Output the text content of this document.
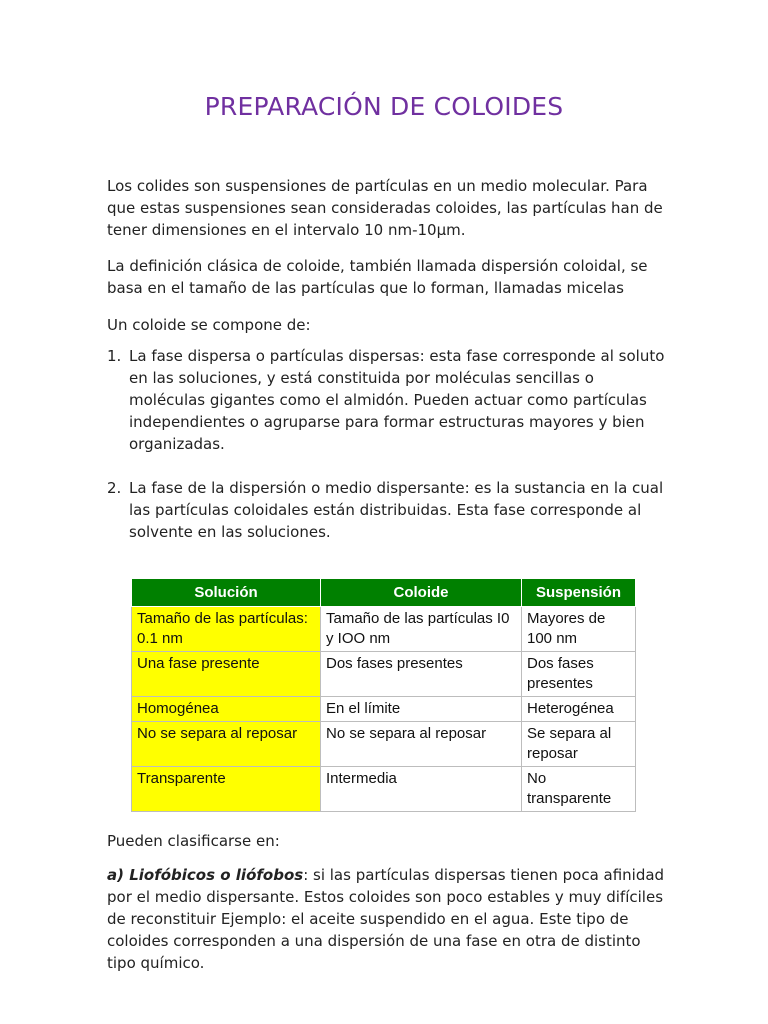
PREPARACIÓN DE COLOIDES

Los colides son suspensiones de partículas en un medio molecular. Para que estas suspensiones sean consideradas coloides, las partículas han de tener dimensiones en el intervalo 10 nm-10μm.

La definición clásica de coloide, también llamada dispersión coloidal, se basa en el tamaño de las partículas que lo forman, llamadas micelas

Un coloide se compone de:

1. La fase dispersa o partículas dispersas: esta fase corresponde al soluto en las soluciones, y está constituida por moléculas sencillas o moléculas gigantes como el almidón. Pueden actuar como partículas independientes o agruparse para formar estructuras mayores y bien organizadas.
2. La fase de la dispersión o medio dispersante: es la sustancia en la cual las partículas coloidales están distribuidas. Esta fase corresponde al solvente en las soluciones.
Solución	Coloide	Suspensión
Tamaño de las partículas: 0.1 nm	Tamaño de las partículas I0 y IOO nm	Mayores de 100 nm
Una fase presente	Dos fases presentes	Dos fases presentes
Homogénea	En el límite	Heterogénea
No se separa al reposar	No se separa al reposar	Se separa al reposar
Transparente	Intermedia	No transparente

Pueden clasificarse en:

a) Liofóbicos o liófobos: si las partículas dispersas tienen poca afinidad por el medio dispersante. Estos coloides son poco estables y muy difíciles de reconstituir Ejemplo: el aceite suspendido en el agua. Este tipo de coloides corresponden a una dispersión de una fase en otra de distinto tipo químico.
